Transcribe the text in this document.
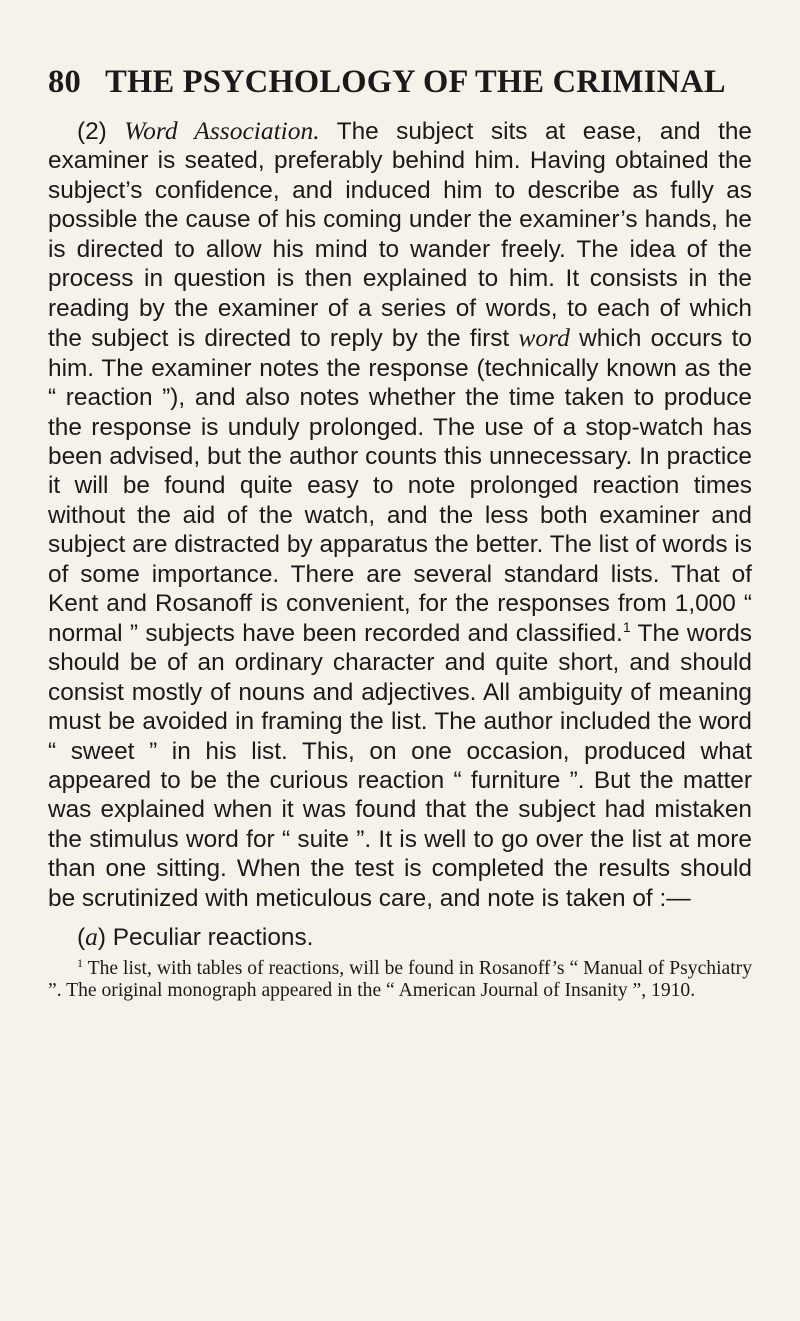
80 THE PSYCHOLOGY OF THE CRIMINAL

(2) Word Association. The subject sits at ease, and the examiner is seated, preferably behind him. Having obtained the subject’s confidence, and induced him to describe as fully as possible the cause of his coming under the examiner’s hands, he is directed to allow his mind to wander freely. The idea of the process in question is then explained to him. It consists in the reading by the examiner of a series of words, to each of which the subject is directed to reply by the first word which occurs to him. The examiner notes the response (technically known as the “ reaction ”), and also notes whether the time taken to produce the response is unduly prolonged. The use of a stop-watch has been advised, but the author counts this unnecessary. In practice it will be found quite easy to note prolonged reaction times without the aid of the watch, and the less both examiner and subject are distracted by apparatus the better. The list of words is of some importance. There are several standard lists. That of Kent and Rosanoff is convenient, for the responses from 1,000 “ normal ” subjects have been recorded and classified.$^1$ The words should be of an ordinary character and quite short, and should consist mostly of nouns and adjectives. All ambiguity of meaning must be avoided in framing the list. The author included the word “ sweet ” in his list. This, on one occasion, produced what appeared to be the curious reaction “ furniture ”. But the matter was explained when it was found that the subject had mistaken the stimulus word for “ suite ”. It is well to go over the list at more than one sitting. When the test is completed the results should be scrutinized with meticulous care, and note is taken of :—

(a) Peculiar reactions.

$^1$ The list, with tables of reactions, will be found in Rosanoff’s “ Manual of Psychiatry ”. The original monograph appeared in the “ American Journal of Insanity ”, 1910.
